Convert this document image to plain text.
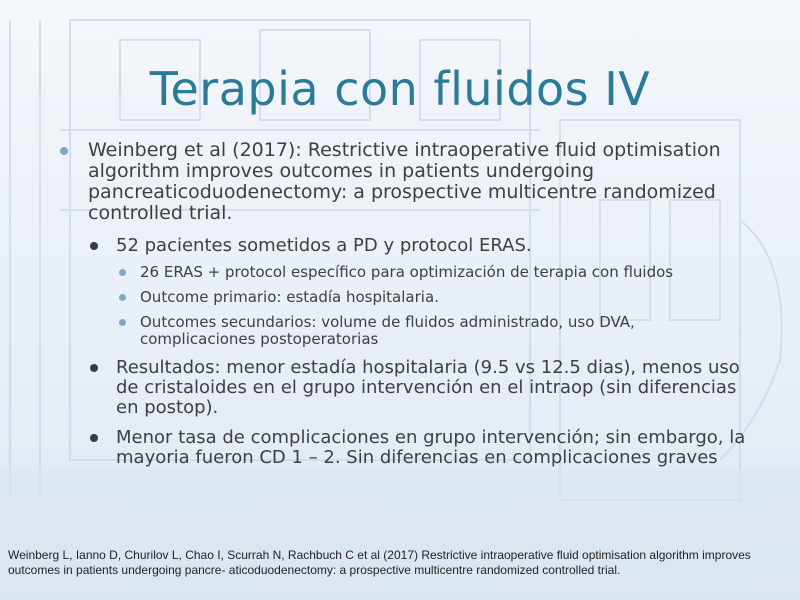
Terapia con fluidos IV
Weinberg et al (2017): Restrictive intraoperative fluid optimisation algorithm improves outcomes in patients undergoing pancreaticoduodenectomy: a prospective multicentre randomized controlled trial.
52 pacientes sometidos a PD y protocol ERAS.
26 ERAS + protocol específico para optimización de terapia con fluidos
Outcome primario: estadía hospitalaria.
Outcomes secundarios: volume de fluidos administrado, uso DVA, complicaciones postoperatorias
Resultados: menor estadía hospitalaria (9.5 vs 12.5 dias), menos uso de cristaloides en el grupo intervención en el intraop (sin diferencias en postop).
Menor tasa de complicaciones en grupo intervención; sin embargo, la mayoria fueron CD 1 – 2. Sin diferencias en complicaciones graves
Weinberg L, Ianno D, Churilov L, Chao I, Scurrah N, Rachbuch C et al (2017) Restrictive intraoperative fluid optimisation algorithm improves outcomes in patients undergoing pancre- aticoduodenectomy: a prospective multicentre randomized controlled trial.
